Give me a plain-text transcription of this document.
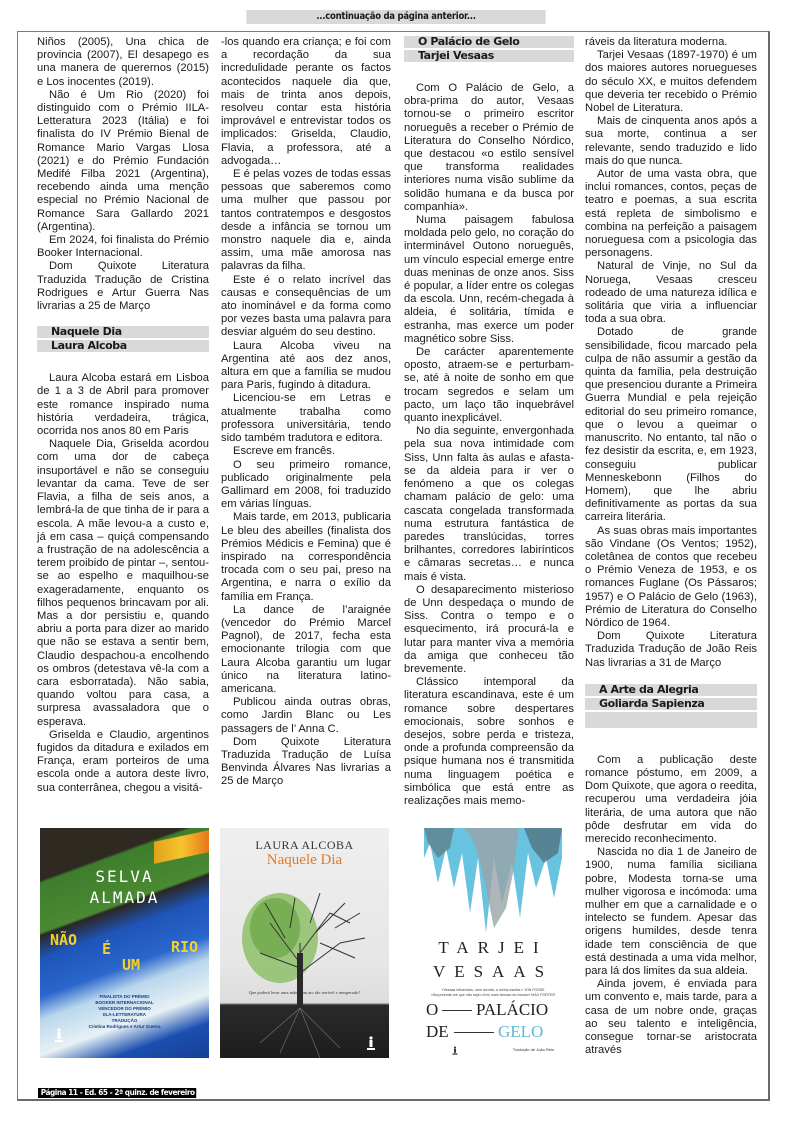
...continuação da página anterior...

Niños (2005), Una chica de provincia (2007), El desapego es una manera de querernos (2015) e Los inocentes (2019).

Não é Um Rio (2020) foi distinguido com o Prémio IILA-Letteratura 2023 (Itália) e foi finalista do IV Prémio Bienal de Romance Mario Vargas Llosa (2021) e do Prémio Fundación Medifé Filba 2021 (Argentina), recebendo ainda uma menção especial no Prémio Nacional de Romance Sara Gallardo 2021 (Argentina).

Em 2024, foi finalista do Prémio Booker Internacional.

Dom Quixote Literatura Traduzida Tradução de Cristina Rodrigues e Artur Guerra Nas livrarias a 25 de Março

Naquele Dia
Laura Alcoba

Laura Alcoba estará em Lisboa de 1 a 3 de Abril para promover este romance inspirado numa história verdadeira, trágica, ocorrida nos anos 80 em Paris

Naquele Dia, Griselda acordou com uma dor de cabeça insuportável e não se conseguiu levantar da cama. Teve de ser Flavia, a filha de seis anos, a lembrá-la de que tinha de ir para a escola. A mãe levou-a a custo e, já em casa – quiçá compensando a frustração de na adolescência a terem proibido de pintar –, sentou-se ao espelho e maquilhou-se exageradamente, enquanto os filhos pequenos brincavam por ali. Mas a dor persistiu e, quando abriu a porta para dizer ao marido que não se estava a sentir bem, Claudio despachou-a encolhendo os ombros (detestava vê-la com a cara esborratada). Não sabia, quando voltou para casa, a surpresa avassaladora que o esperava.

Griselda e Claudio, argentinos fugidos da ditadura e exilados em França, eram porteiros de uma escola onde a autora deste livro, sua conterrânea, chegou a visitá-

-los quando era criança; e foi com a recordação da sua incredulidade perante os factos acontecidos naquele dia que, mais de trinta anos depois, resolveu contar esta história improvável e entrevistar todos os implicados: Griselda, Claudio, Flavia, a professora, até a advogada…

E é pelas vozes de todas essas pessoas que saberemos como uma mulher que passou por tantos contratempos e desgostos desde a infância se tornou um monstro naquele dia e, ainda assim, uma mãe amorosa nas palavras da filha.

Este é o relato incrível das causas e consequências de um ato inominável e da forma como por vezes basta uma palavra para desviar alguém do seu destino.

Laura Alcoba viveu na Argentina até aos dez anos, altura em que a família se mudou para Paris, fugindo à ditadura.

Licenciou-se em Letras e atualmente trabalha como professora universitária, tendo sido também tradutora e editora.

Escreve em francês.

O seu primeiro romance, publicado originalmente pela Gallimard em 2008, foi traduzido em várias línguas.

Mais tarde, em 2013, publicaria Le bleu des abeilles (finalista dos Prémios Médicis e Femina) que é inspirado na correspondência trocada com o seu pai, preso na Argentina, e narra o exílio da família em França.

La dance de l’araignée (vencedor do Prémio Marcel Pagnol), de 2017, fecha esta emocionante trilogia com que Laura Alcoba garantiu um lugar único na literatura latino-americana.

Publicou ainda outras obras, como Jardin Blanc ou Les passagers de l’ Anna C.

Dom Quixote Literatura Traduzida Tradução de Luísa Benvinda Álvares Nas livrarias a 25 de Março

O Palácio de Gelo
Tarjei Vesaas

Com O Palácio de Gelo, a obra-prima do autor, Vesaas tornou-se o primeiro escritor norueguês a receber o Prémio de Literatura do Conselho Nórdico, que destacou «o estilo sensível que transforma realidades interiores numa visão sublime da solidão humana e da busca por companhia».

Numa paisagem fabulosa moldada pelo gelo, no coração do interminável Outono norueguês, um vínculo especial emerge entre duas meninas de onze anos. Siss é popular, a líder entre os colegas da escola. Unn, recém-chegada à aldeia, é solitária, tímida e estranha, mas exerce um poder magnético sobre Siss.

De carácter aparentemente oposto, atraem-se e perturbam-se, até à noite de sonho em que trocam segredos e selam um pacto, um laço tão inquebrável quanto inexplicável.

No dia seguinte, envergonhada pela sua nova intimidade com Siss, Unn falta às aulas e afasta-se da aldeia para ir ver o fenómeno a que os colegas chamam palácio de gelo: uma cascata congelada transformada numa estrutura fantástica de paredes translúcidas, torres brilhantes, corredores labirínticos e câmaras secretas… e nunca mais é vista.

O desaparecimento misterioso de Unn despedaça o mundo de Siss. Contra o tempo e o esquecimento, irá procurá-la e lutar para manter viva a memória da amiga que conheceu tão brevemente.

Clássico intemporal da literatura escandinava, este é um romance sobre despertares emocionais, sobre sonhos e desejos, sobre perda e tristeza, onde a profunda compreensão da psique humana nos é transmitida numa linguagem poética e simbólica que está entre as realizações mais memo-

ráveis da literatura moderna.

Tarjei Vesaas (1897-1970) é um dos maiores autores noruegueses do século XX, e muitos defendem que deveria ter recebido o Prémio Nobel de Literatura.

Mais de cinquenta anos após a sua morte, continua a ser relevante, sendo traduzido e lido mais do que nunca.

Autor de uma vasta obra, que inclui romances, contos, peças de teatro e poemas, a sua escrita está repleta de simbolismo e combina na perfeição a paisagem norueguesa com a psicologia das personagens.

Natural de Vinje, no Sul da Noruega, Vesaas cresceu rodeado de uma natureza idílica e solitária que viria a influenciar toda a sua obra.

Dotado de grande sensibilidade, ficou marcado pela culpa de não assumir a gestão da quinta da família, pela destruição que presenciou durante a Primeira Guerra Mundial e pela rejeição editorial do seu primeiro romance, que o levou a queimar o manuscrito. No entanto, tal não o fez desistir da escrita, e, em 1923, conseguiu publicar Menneskebonn (Filhos do Homem), que lhe abriu definitivamente as portas da sua carreira literária.

As suas obras mais importantes são Vindane (Os Ventos; 1952), coletânea de contos que recebeu o Prémio Veneza de 1953, e os romances Fuglane (Os Pássaros; 1957) e O Palácio de Gelo (1963), Prémio de Literatura do Conselho Nórdico de 1964.

Dom Quixote Literatura Traduzida Tradução de João Reis Nas livrarias a 31 de Março

A Arte da Alegria
Goliarda Sapienza

Com a publicação deste romance póstumo, em 2009, a Dom Quixote, que agora o reedita, recuperou uma verdadeira jóia literária, de uma autora que não pôde desfrutar em vida do merecido reconhecimento.

Nascida no dia 1 de Janeiro de 1900, numa família siciliana pobre, Modesta torna-se uma mulher vigorosa e incómoda: uma mulher em que a carnalidade e o intelecto se fundem. Apesar das origens humildes, desde tenra idade tem consciência de que está destinada a uma vida melhor, para lá dos limites da sua aldeia.

Ainda jovem, é enviada para um convento e, mais tarde, para a casa de um nobre onde, graças ao seu talento e inteligência, consegue tornar-se aristocrata através

SELVA
ALMADA
NÃO É
UM
RIO
FINALISTA DO PRÉMIO
BOOKER INTERNACIONAL
VENCEDOR DO PRÉMIO
IILA-LETTERATURA
TRADUÇÃO
Cristina Rodrigues e Artur Guerra
LAURA ALCOBA
Naquele Dia
Que poderá levar uma mãe a um ato tão terrível e inesperado?
TARJEI
VESAAS
«Vesaas influenciou, sem dúvida, a minha escrita.» JON FOSSE
«Surpreende-me que não seja o livro mais famoso do mundo» MAX PORTER
O PALÁCIO
DE	GELO
Tradução de João Reis
Página 11 - Ed. 65 - 2ª quinz. de fevereiro 2025
